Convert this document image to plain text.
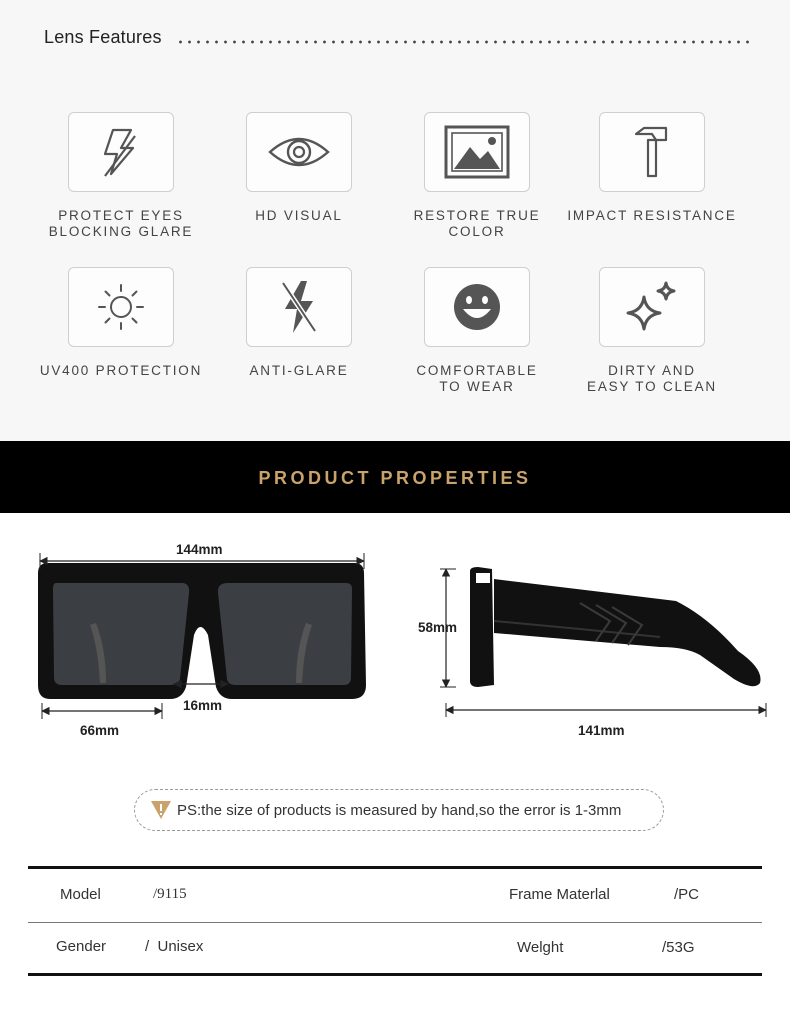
Lens Features
PROTECT EYES
BLOCKING GLARE
HD VISUAL	RESTORE TRUE COLOR
IMPACT RESISTANCE
UV400 PROTECTION	ANTI-GLARE	COMFORTABLE
TO WEAR
DIRTY AND
EASY TO CLEAN
PRODUCT PROPERTIES
144mm
16mm
66mm
58mm
141mm
PS:the size of products is measured by hand,so the error is 1-3mm
Model	/9115	Frame Materlal	/PC
Gender	/  Unisex	Welght	/53G
